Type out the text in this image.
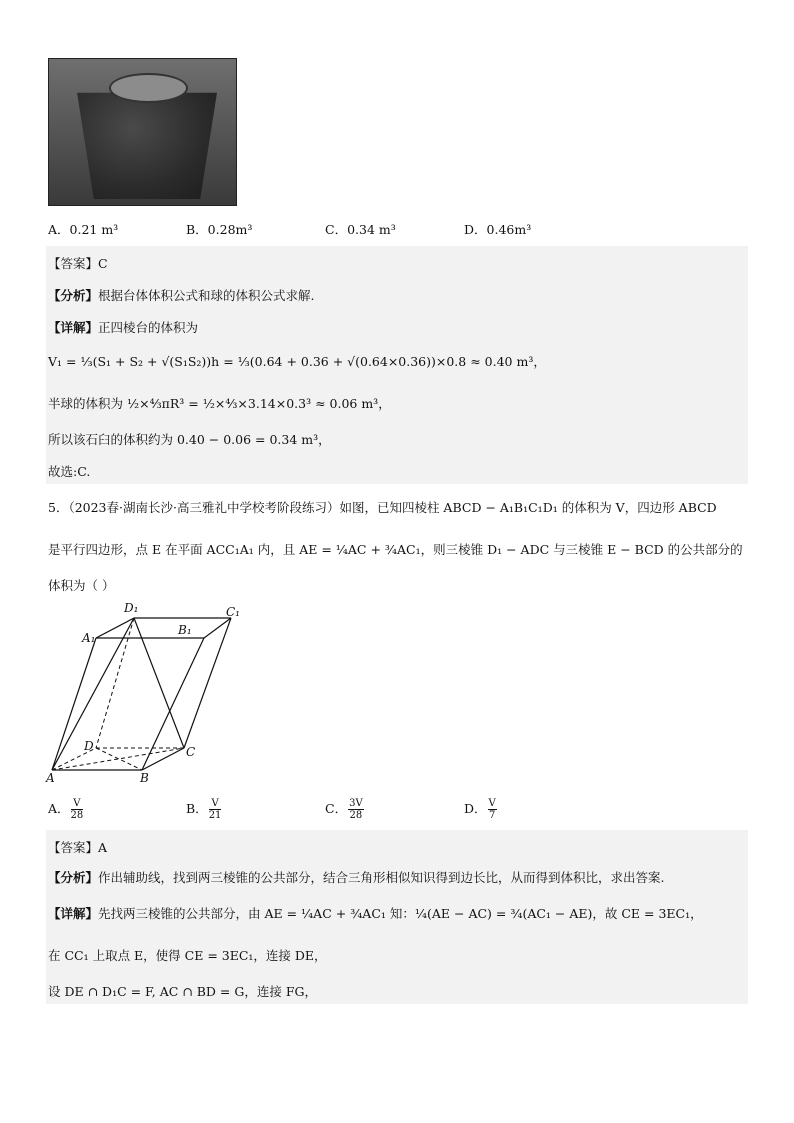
A．0.21 m³	B．0.28m³	C．0.34 m³	D．0.46m³
【答案】C
【分析】根据台体体积公式和球的体积公式求解.
【详解】正四棱台的体积为
V₁ = ⅓(S₁ + S₂ + √(S₁S₂))h = ⅓(0.64 + 0.36 + √(0.64×0.36))×0.8 ≈ 0.40 m³，
半球的体积为 ½×⁴⁄₃πR³ = ½×⁴⁄₃×3.14×0.3³ ≈ 0.06 m³，
所以该石臼的体积约为 0.40 − 0.06 = 0.34 m³，
故选:C.
5．（2023春·湖南长沙·高三雅礼中学校考阶段练习）如图，已知四棱柱 ABCD − A₁B₁C₁D₁ 的体积为 V，四边形 ABCD
是平行四边形，点 E 在平面 ACC₁A₁ 内，且 AE = ¼AC + ¾AC₁，则三棱锥 D₁ − ADC 与三棱锥 E − BCD 的公共部分的
体积为（ ）
D₁	C₁
A₁
B₁
D	C
A	B
A． $\frac{V}{28}$	B． $\frac{V}{21}$	C． $\frac{3V}{28}$	D． $\frac{V}{7}$
【答案】A
【分析】作出辅助线，找到两三棱锥的公共部分，结合三角形相似知识得到边长比，从而得到体积比，求出答案.
【详解】先找两三棱锥的公共部分，由 AE = ¼AC + ¾AC₁ 知：¼(AE − AC) = ¾(AC₁ − AE)，故 CE = 3EC₁，
在 CC₁ 上取点 E，使得 CE = 3EC₁，连接 DE，
设 DE ∩ D₁C = F, AC ∩ BD = G，连接 FG，
